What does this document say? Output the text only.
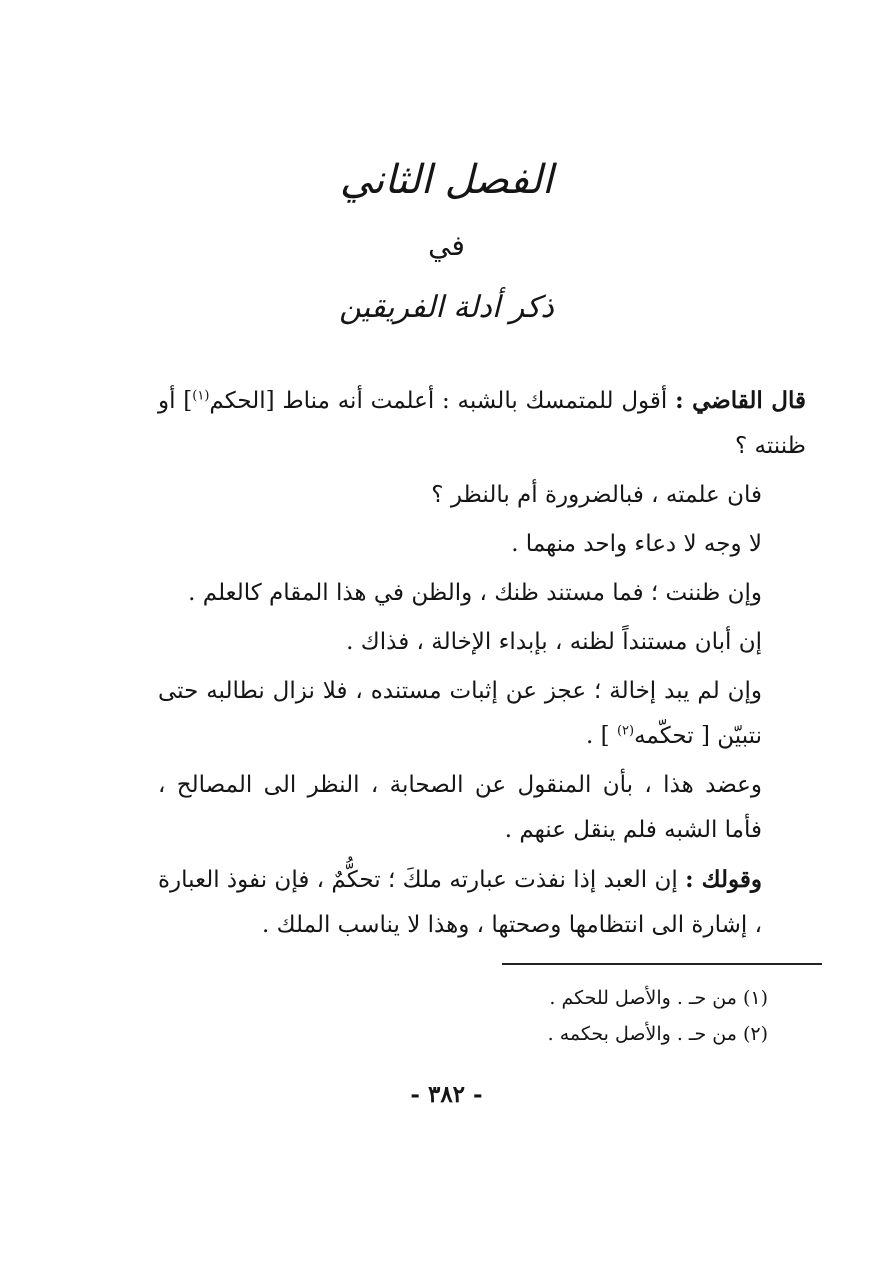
الفصل الثاني
في
ذكر أدلة الفريقين

قال القاضي : أقول للمتمسك بالشبه : أعلمت أنه مناط [الحكم$^{(١)}$] أو ظننته ؟

فان علمته ، فبالضرورة أم بالنظر ؟

لا وجه لا دعاء واحد منهما .

وإن ظننت ؛ فما مستند ظنك ، والظن في هذا المقام كالعلم .

إن أبان مستنداً لظنه ، بإبداء الإخالة ، فذاك .

وإن لم يبد إخالة ؛ عجز عن إثبات مستنده ، فلا نزال نطالبه حتى نتبيّن [ تحكّمه$^{(٢)}$ ] .

وعضد هذا ، بأن المنقول عن الصحابة ، النظر الى المصالح ، فأما الشبه فلم ينقل عنهم .

وقولك : إن العبد إذا نفذت عبارته ملكَ ؛ تحكُّمٌ ، فإن نفوذ العبارة ، إشارة الى انتظامها وصحتها ، وهذا لا يناسب الملك .

(١) من حـ . والأصل للحكم .

(٢) من حـ . والأصل بحكمه .

- ٣٨٢ -
